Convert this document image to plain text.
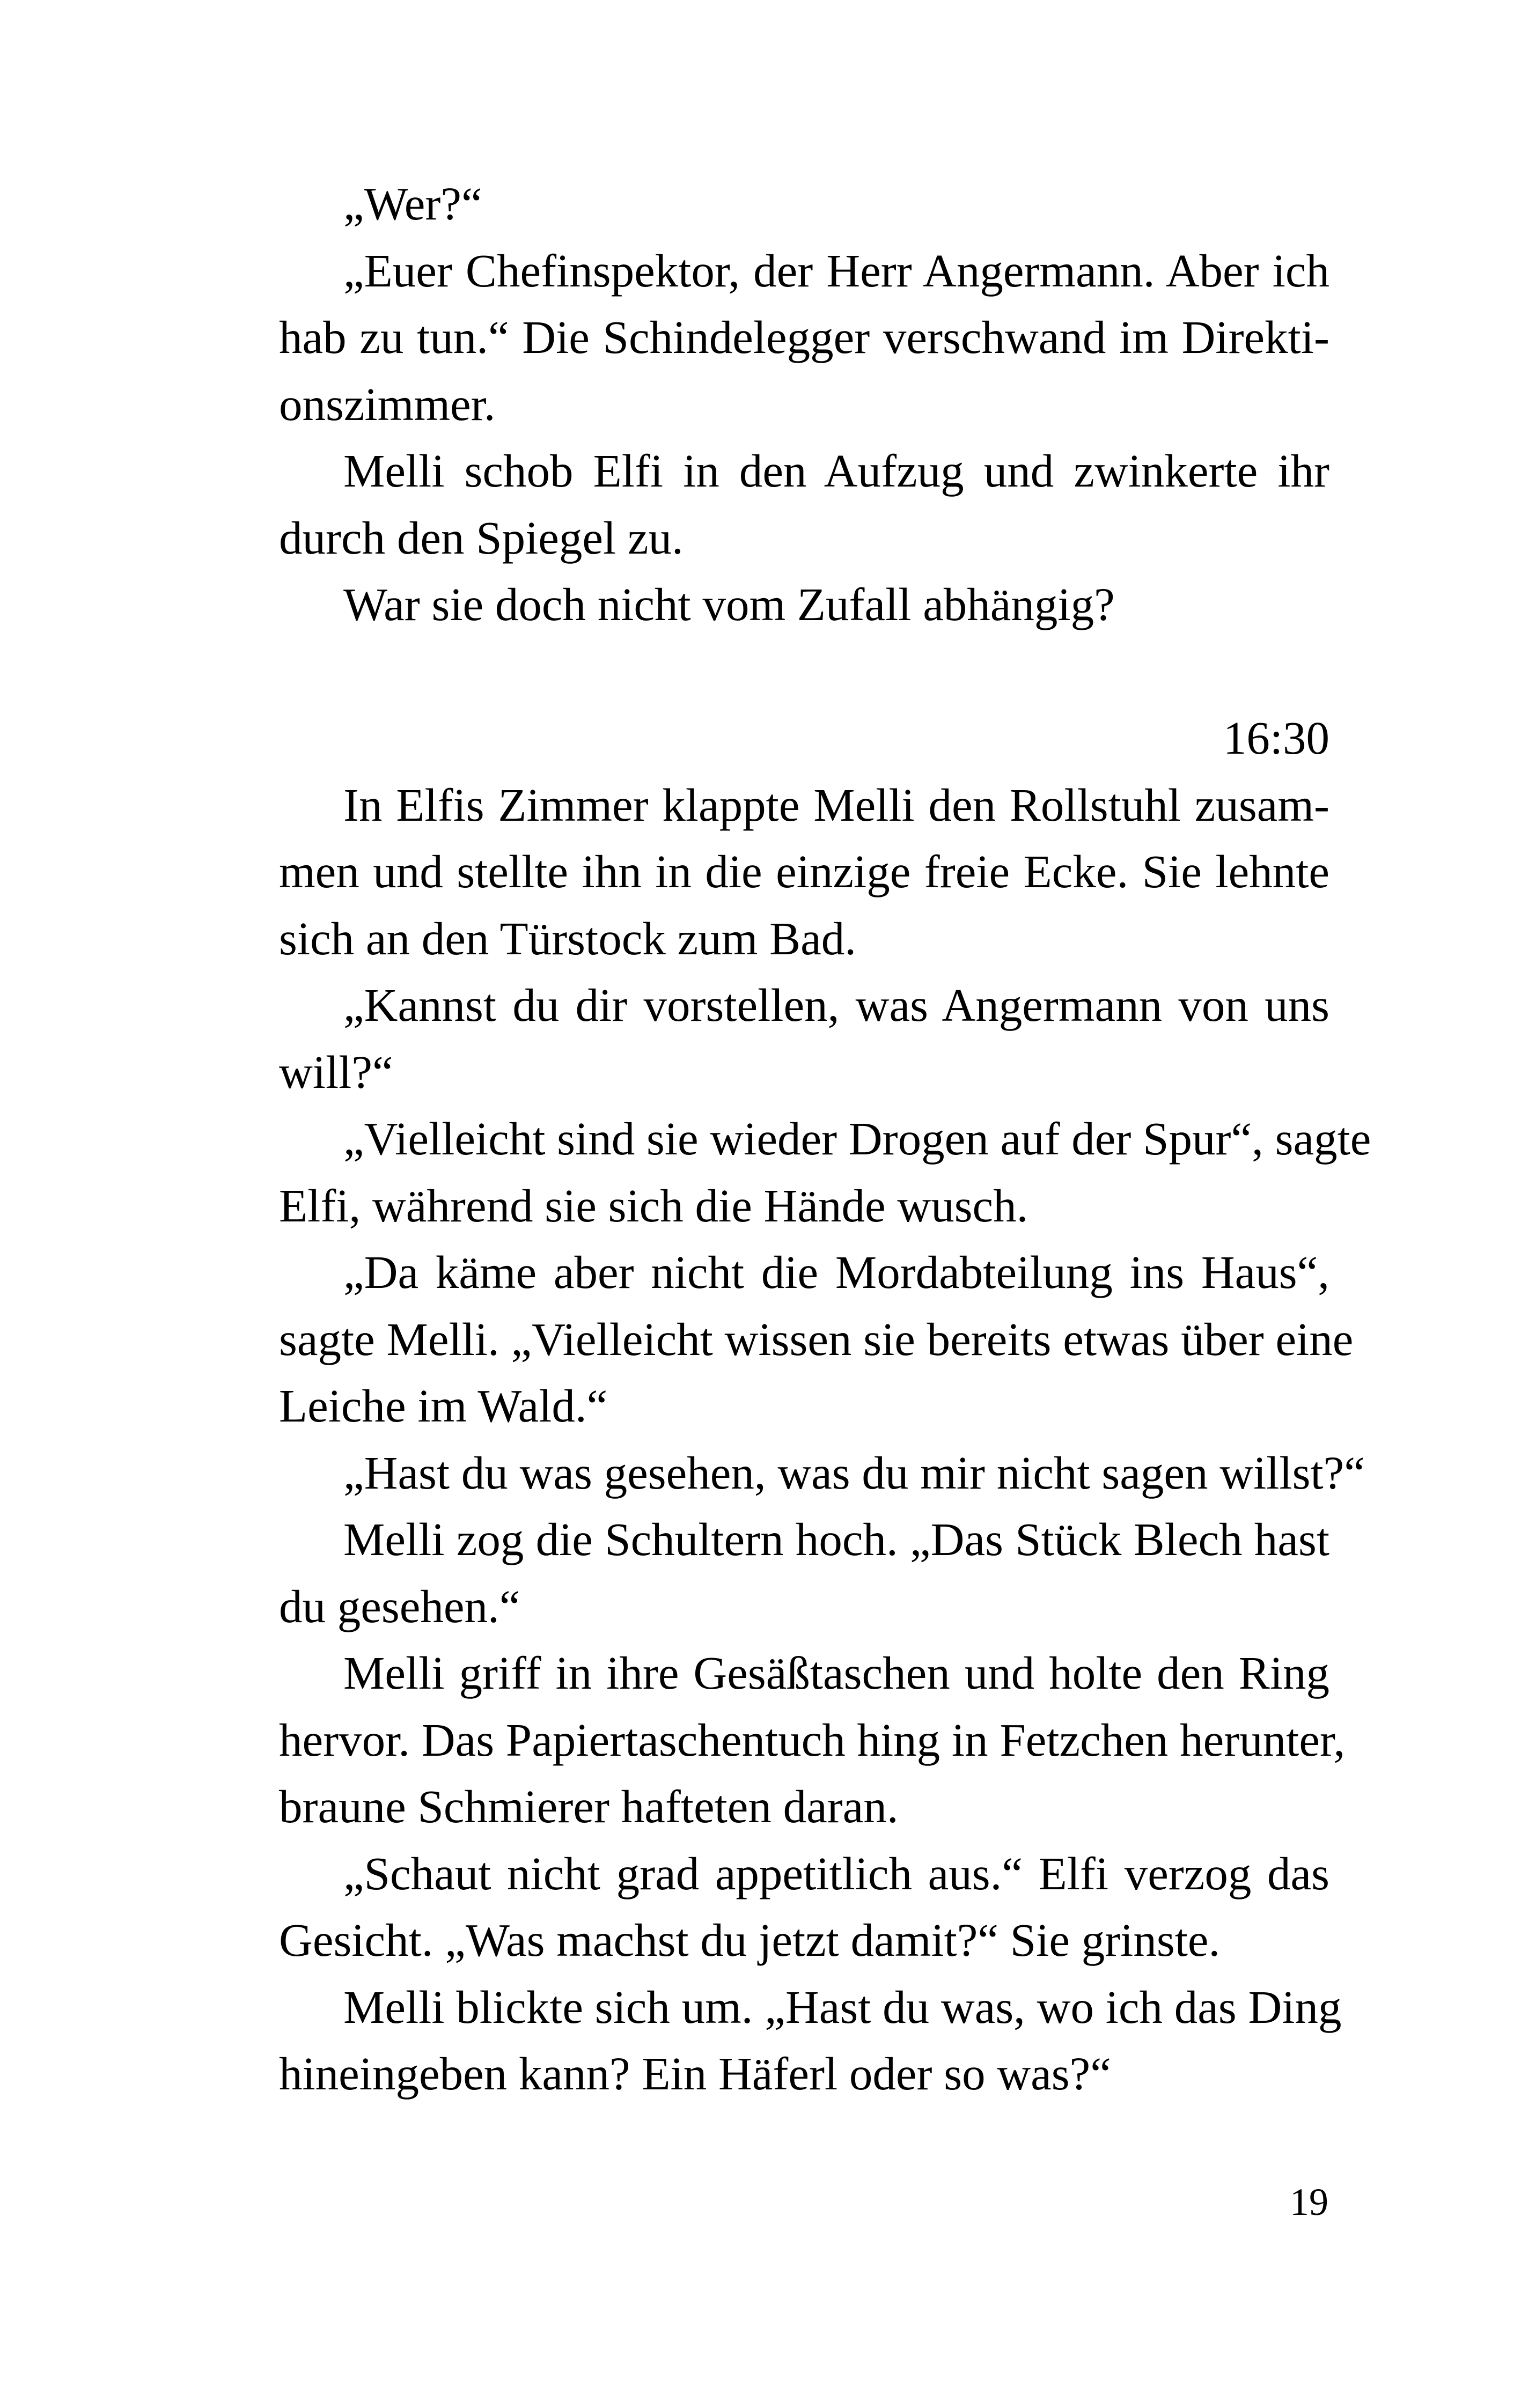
„Wer?“
„Euer Chefinspektor, der Herr Angermann. Aber ich
hab zu tun.“ Die Schindelegger verschwand im Direkti-
onszimmer.
Melli schob Elfi in den Aufzug und zwinkerte ihr
durch den Spiegel zu.
War sie doch nicht vom Zufall abhängig?
16:30
In Elfis Zimmer klappte Melli den Rollstuhl zusam-
men und stellte ihn in die einzige freie Ecke. Sie lehnte
sich an den Türstock zum Bad.
„Kannst du dir vorstellen, was Angermann von uns
will?“
„Vielleicht sind sie wieder Drogen auf der Spur“, sagte
Elfi, während sie sich die Hände wusch.
„Da käme aber nicht die Mordabteilung ins Haus“,
sagte Melli. „Vielleicht wissen sie bereits etwas über eine
Leiche im Wald.“
„Hast du was gesehen, was du mir nicht sagen willst?“
Melli zog die Schultern hoch. „Das Stück Blech hast
du gesehen.“
Melli griff in ihre Gesäßtaschen und holte den Ring
hervor. Das Papiertaschentuch hing in Fetzchen herunter,
braune Schmierer hafteten daran.
„Schaut nicht grad appetitlich aus.“ Elfi verzog das
Gesicht. „Was machst du jetzt damit?“ Sie grinste.
Melli blickte sich um. „Hast du was, wo ich das Ding
hineingeben kann? Ein Häferl oder so was?“
19
